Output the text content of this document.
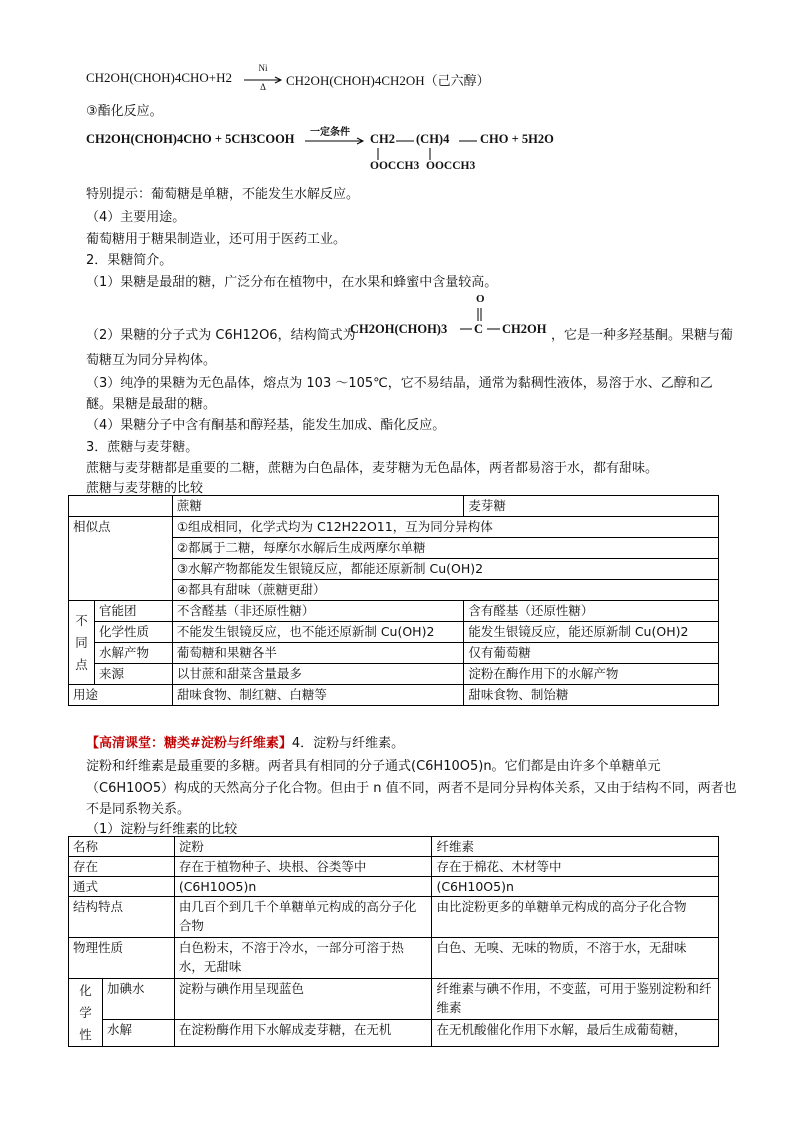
CH2OH(CHOH)4CHO+H2
Ni
Δ	CH2OH(CHOH)4CH2OH（己六醇）
③酯化反应。
CH2OH(CHOH)4CHO + 5CH3COOH 一定条件 CH2 (CH)4 CHO + 5H2O
OOCCH3 OOCCH3
特别提示：葡萄糖是单糖，不能发生水解反应。
（4）主要用途。
葡萄糖用于糖果制造业，还可用于医药工业。
2．果糖简介。
（1）果糖是最甜的糖，广泛分布在植物中，在水果和蜂蜜中含量较高。
（2）果糖的分子式为 C6H12O6，结构简式为
CH2OH(CHOH)3
O
C CH2OH ，它是一种多羟基酮。果糖与葡
萄糖互为同分异构体。
（3）纯净的果糖为无色晶体，熔点为 103 ～105℃，它不易结晶，通常为黏稠性液体，易溶于水、乙醇和乙
醚。果糖是最甜的糖。
（4）果糖分子中含有酮基和醇羟基，能发生加成、酯化反应。
3．蔗糖与麦芽糖。
蔗糖与麦芽糖都是重要的二糖，蔗糖为白色晶体，麦芽糖为无色晶体，两者都易溶于水，都有甜味。
蔗糖与麦芽糖的比较
		蔗糖	麦芽糖
相似点		①组成相同，化学式均为 C12H22O11，互为同分异构体	
		②都属于二糖，每摩尔水解后生成两摩尔单糖	
		③水解产物都能发生银镜反应，都能还原新制 Cu(OH)2	
		④都具有甜味（蔗糖更甜）	

不同点	官能团	不含醛基（非还原性糖）	含有醛基（还原性糖）
	化学性质	不能发生银镜反应，也不能还原新制 Cu(OH)2	能发生银镜反应，能还原新制 Cu(OH)2
	水解产物	葡萄糖和果糖各半	仅有葡萄糖
	来源	以甘蔗和甜菜含量最多	淀粉在酶作用下的水解产物
用途		甜味食物、制红糖、白糖等	甜味食物、制饴糖
【高清课堂：糖类#淀粉与纤维素】4．淀粉与纤维素。
淀粉和纤维素是最重要的多糖。两者具有相同的分子通式(C6H10O5)n。它们都是由许多个单糖单元
（C6H10O5）构成的天然高分子化合物。但由于 n 值不同，两者不是同分异构体关系，又由于结构不同，两者也
不是同系物关系。
（1）淀粉与纤维素的比较
名称		淀粉	纤维素
存在		存在于植物种子、块根、谷类等中	存在于棉花、木材等中
通式		(C6H10O5)n	(C6H10O5)n
结构特点		由几百个到几千个单糖单元构成的高分子化合物	由比淀粉更多的单糖单元构成的高分子化合物
物理性质		白色粉末，不溶于冷水，一部分可溶于热水，无甜味	白色、无嗅、无味的物质，不溶于水，无甜味

化学性	加碘水	淀粉与碘作用呈现蓝色	纤维素与碘不作用，不变蓝，可用于鉴别淀粉和纤维素
	水解	在淀粉酶作用下水解成麦芽糖，在无机	在无机酸催化作用下水解，最后生成葡萄糖，
